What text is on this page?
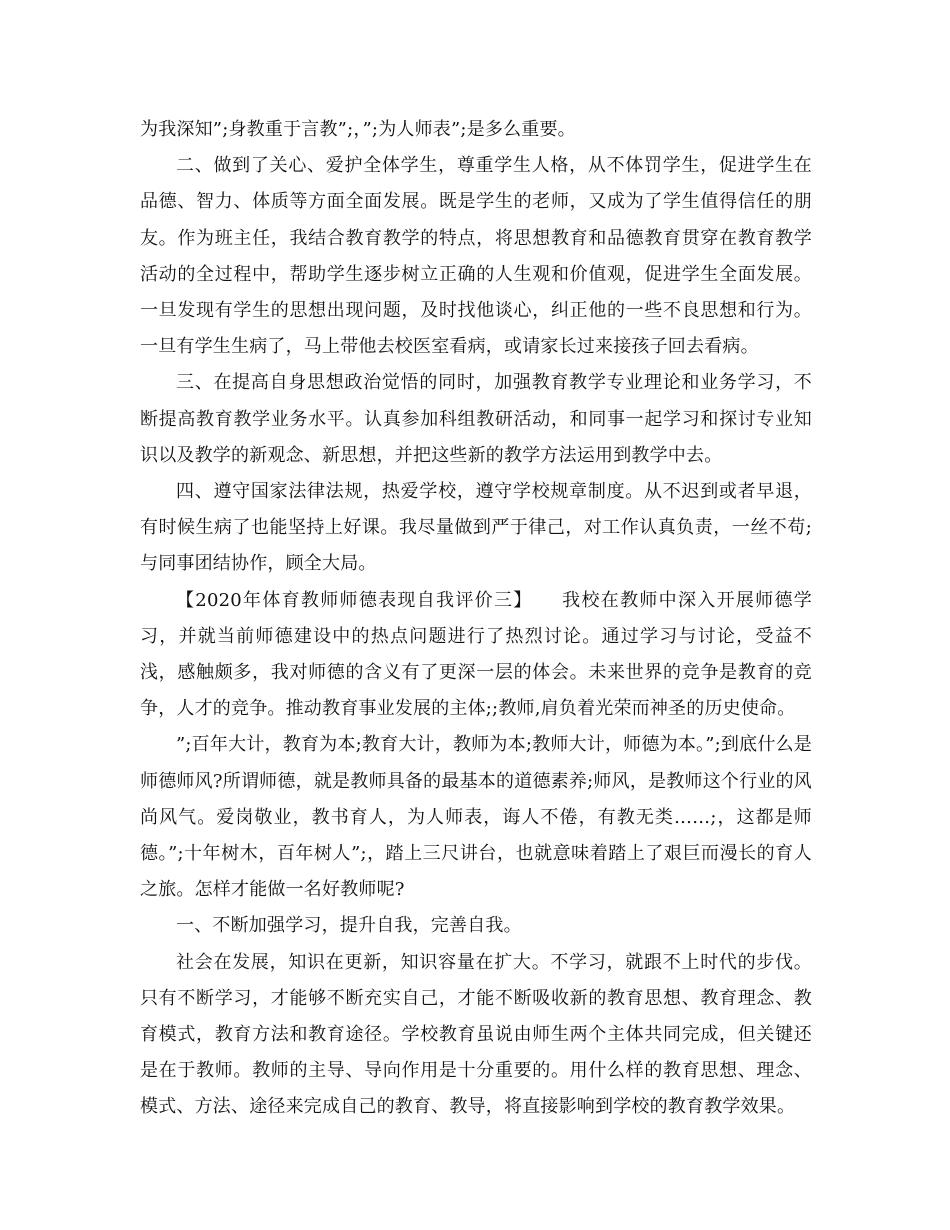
为我深知”;身教重于言教”;，”;为人师表”;是多么重要。

二、做到了关心、爱护全体学生，尊重学生人格，从不体罚学生，促进学生在品德、智力、体质等方面全面发展。既是学生的老师，又成为了学生值得信任的朋友。作为班主任，我结合教育教学的特点，将思想教育和品德教育贯穿在教育教学活动的全过程中，帮助学生逐步树立正确的人生观和价值观，促进学生全面发展。一旦发现有学生的思想出现问题，及时找他谈心，纠正他的一些不良思想和行为。一旦有学生生病了，马上带他去校医室看病，或请家长过来接孩子回去看病。

三、在提高自身思想政治觉悟的同时，加强教育教学专业理论和业务学习，不断提高教育教学业务水平。认真参加科组教研活动，和同事一起学习和探讨专业知识以及教学的新观念、新思想，并把这些新的教学方法运用到教学中去。

四、遵守国家法律法规，热爱学校，遵守学校规章制度。从不迟到或者早退，有时候生病了也能坚持上好课。我尽量做到严于律己，对工作认真负责，一丝不苟;与同事团结协作，顾全大局。

【2020年体育教师师德表现自我评价三】　　我校在教师中深入开展师德学习，并就当前师德建设中的热点问题进行了热烈讨论。通过学习与讨论，受益不浅，感触颇多，我对师德的含义有了更深一层的体会。未来世界的竞争是教育的竞争，人才的竞争。推动教育事业发展的主体;;教师,肩负着光荣而神圣的历史使命。

”;百年大计，教育为本;教育大计，教师为本;教师大计，师德为本。”;到底什么是师德师风?所谓师德，就是教师具备的最基本的道德素养;师风，是教师这个行业的风尚风气。爱岗敬业，教书育人，为人师表，诲人不倦，有教无类……;，这都是师德。”;十年树木，百年树人”;，踏上三尺讲台，也就意味着踏上了艰巨而漫长的育人之旅。怎样才能做一名好教师呢?

一、不断加强学习，提升自我，完善自我。

社会在发展，知识在更新，知识容量在扩大。不学习，就跟不上时代的步伐。只有不断学习，才能够不断充实自己，才能不断吸收新的教育思想、教育理念、教育模式，教育方法和教育途径。学校教育虽说由师生两个主体共同完成，但关键还是在于教师。教师的主导、导向作用是十分重要的。用什么样的教育思想、理念、模式、方法、途径来完成自己的教育、教导，将直接影响到学校的教育教学效果。
